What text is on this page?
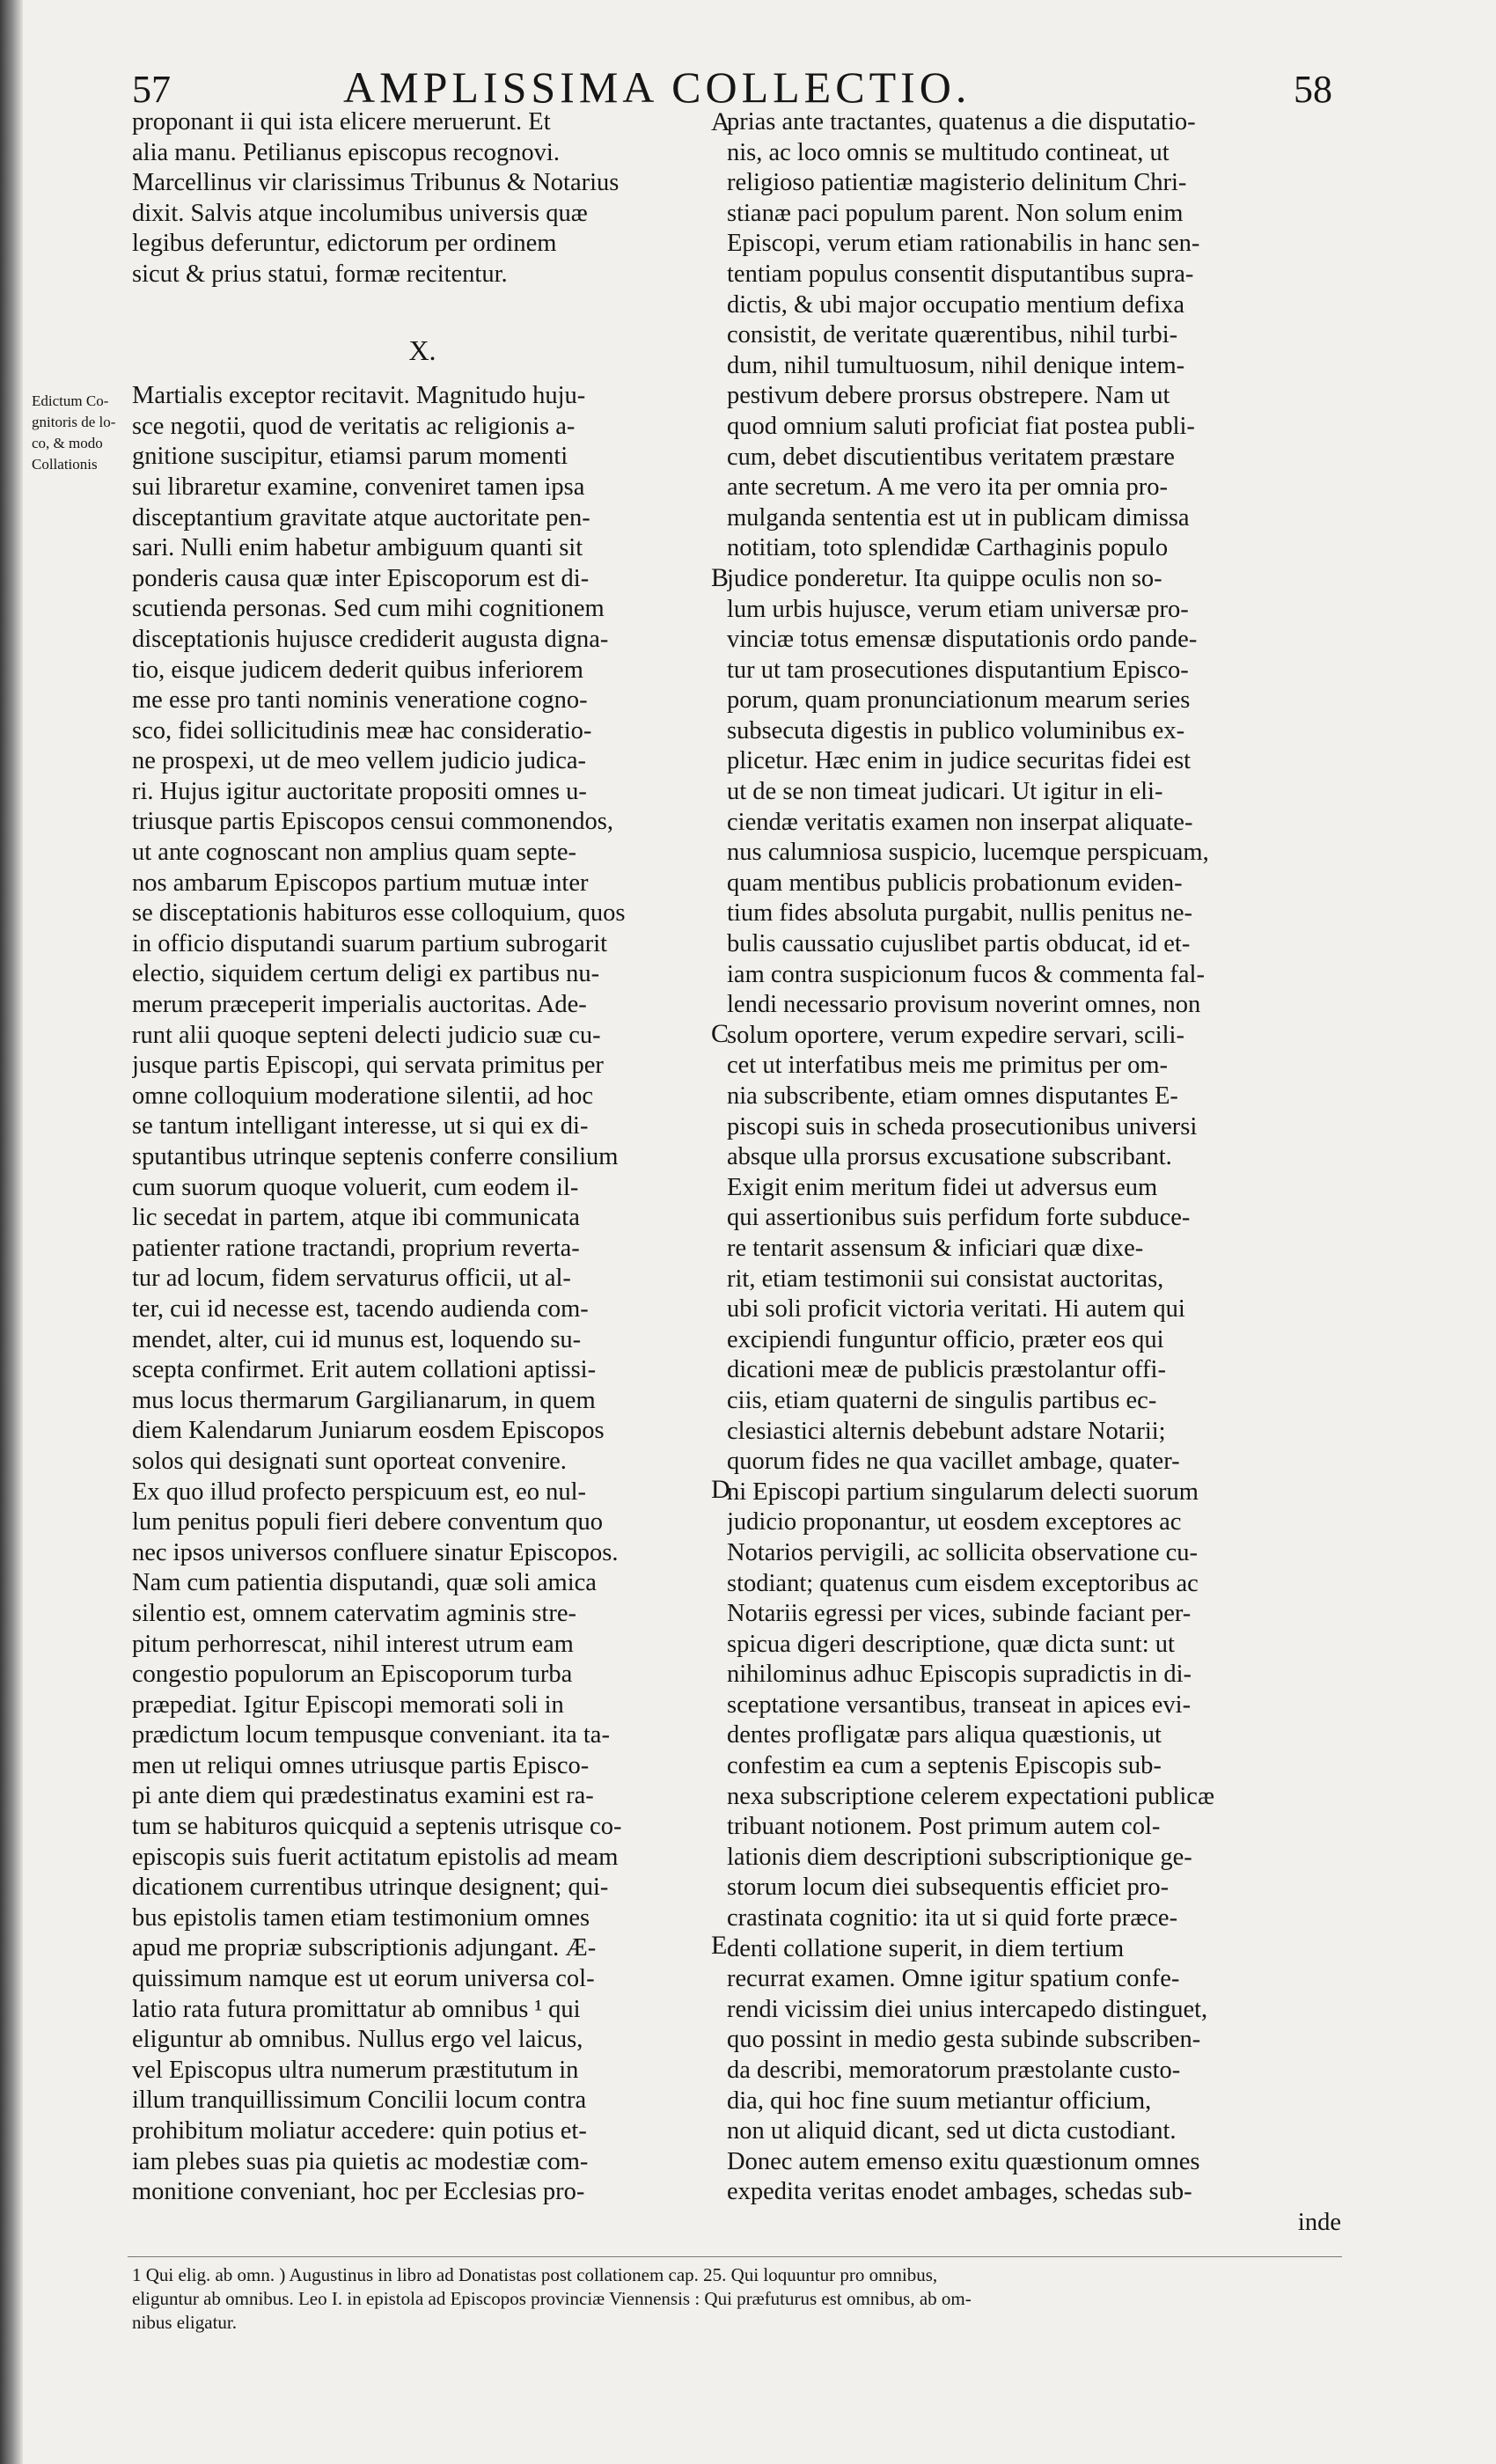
57	AMPLISSIMA COLLECTIO.	58
Edictum Co-
gnitoris de lo-
co, & modo
Collationis
proponant ii qui ista elicere meruerunt. Et
alia manu. Petilianus episcopus recognovi.
Marcellinus vir clarissimus Tribunus & Notarius
dixit. Salvis atque incolumibus universis quæ
legibus deferuntur, edictorum per ordinem
sicut & prius statui, formæ recitentur.
X.
Martialis exceptor recitavit. Magnitudo huju-
sce negotii, quod de veritatis ac religionis a-
gnitione suscipitur, etiamsi parum momenti
sui libraretur examine, conveniret tamen ipsa
disceptantium gravitate atque auctoritate pen-
sari. Nulli enim habetur ambiguum quanti sit
ponderis causa quæ inter Episcoporum est di-
scutienda personas. Sed cum mihi cognitionem
disceptationis hujusce crediderit augusta digna-
tio, eisque judicem dederit quibus inferiorem
me esse pro tanti nominis veneratione cogno-
sco, fidei sollicitudinis meæ hac consideratio-
ne prospexi, ut de meo vellem judicio judica-
ri. Hujus igitur auctoritate propositi omnes u-
triusque partis Episcopos censui commonendos,
ut ante cognoscant non amplius quam septe-
nos ambarum Episcopos partium mutuæ inter
se disceptationis habituros esse colloquium, quos
in officio disputandi suarum partium subrogarit
electio, siquidem certum deligi ex partibus nu-
merum præceperit imperialis auctoritas. Ade-
runt alii quoque septeni delecti judicio suæ cu-
jusque partis Episcopi, qui servata primitus per
omne colloquium moderatione silentii, ad hoc
se tantum intelligant interesse, ut si qui ex di-
sputantibus utrinque septenis conferre consilium
cum suorum quoque voluerit, cum eodem il-
lic secedat in partem, atque ibi communicata
patienter ratione tractandi, proprium reverta-
tur ad locum, fidem servaturus officii, ut al-
ter, cui id necesse est, tacendo audienda com-
mendet, alter, cui id munus est, loquendo su-
scepta confirmet. Erit autem collationi aptissi-
mus locus thermarum Gargilianarum, in quem
diem Kalendarum Juniarum eosdem Episcopos
solos qui designati sunt oporteat convenire.
Ex quo illud profecto perspicuum est, eo nul-
lum penitus populi fieri debere conventum quo
nec ipsos universos confluere sinatur Episcopos.
Nam cum patientia disputandi, quæ soli amica
silentio est, omnem catervatim agminis stre-
pitum perhorrescat, nihil interest utrum eam
congestio populorum an Episcoporum turba
præpediat. Igitur Episcopi memorati soli in
prædictum locum tempusque conveniant. ita ta-
men ut reliqui omnes utriusque partis Episco-
pi ante diem qui prædestinatus examini est ra-
tum se habituros quicquid a septenis utrisque co-
episcopis suis fuerit actitatum epistolis ad meam
dicationem currentibus utrinque designent; qui-
bus epistolis tamen etiam testimonium omnes
apud me propriæ subscriptionis adjungant. Æ-
quissimum namque est ut eorum universa col-
latio rata futura promittatur ab omnibus ¹ qui
eliguntur ab omnibus. Nullus ergo vel laicus,
vel Episcopus ultra numerum præstitutum in
illum tranquillissimum Concilii locum contra
prohibitum moliatur accedere: quin potius et-
iam plebes suas pia quietis ac modestiæ com-
monitione conveniant, hoc per Ecclesias pro-
A
B
C
D
E
prias ante tractantes, quatenus a die disputatio-
nis, ac loco omnis se multitudo contineat, ut
religioso patientiæ magisterio delinitum Chri-
stianæ paci populum parent. Non solum enim
Episcopi, verum etiam rationabilis in hanc sen-
tentiam populus consentit disputantibus supra-
dictis, & ubi major occupatio mentium defixa
consistit, de veritate quærentibus, nihil turbi-
dum, nihil tumultuosum, nihil denique intem-
pestivum debere prorsus obstrepere. Nam ut
quod omnium saluti proficiat fiat postea publi-
cum, debet discutientibus veritatem præstare
ante secretum. A me vero ita per omnia pro-
mulganda sententia est ut in publicam dimissa
notitiam, toto splendidæ Carthaginis populo
judice ponderetur. Ita quippe oculis non so-
lum urbis hujusce, verum etiam universæ pro-
vinciæ totus emensæ disputationis ordo pande-
tur ut tam prosecutiones disputantium Episco-
porum, quam pronunciationum mearum series
subsecuta digestis in publico voluminibus ex-
plicetur. Hæc enim in judice securitas fidei est
ut de se non timeat judicari. Ut igitur in eli-
ciendæ veritatis examen non inserpat aliquate-
nus calumniosa suspicio, lucemque perspicuam,
quam mentibus publicis probationum eviden-
tium fides absoluta purgabit, nullis penitus ne-
bulis caussatio cujuslibet partis obducat, id et-
iam contra suspicionum fucos & commenta fal-
lendi necessario provisum noverint omnes, non
solum oportere, verum expedire servari, scili-
cet ut interfatibus meis me primitus per om-
nia subscribente, etiam omnes disputantes E-
piscopi suis in scheda prosecutionibus universi
absque ulla prorsus excusatione subscribant.
Exigit enim meritum fidei ut adversus eum
qui assertionibus suis perfidum forte subduce-
re tentarit assensum & inficiari quæ dixe-
rit, etiam testimonii sui consistat auctoritas,
ubi soli proficit victoria veritati. Hi autem qui
excipiendi funguntur officio, præter eos qui
dicationi meæ de publicis præstolantur offi-
ciis, etiam quaterni de singulis partibus ec-
clesiastici alternis debebunt adstare Notarii;
quorum fides ne qua vacillet ambage, quater-
ni Episcopi partium singularum delecti suorum
judicio proponantur, ut eosdem exceptores ac
Notarios pervigili, ac sollicita observatione cu-
stodiant; quatenus cum eisdem exceptoribus ac
Notariis egressi per vices, subinde faciant per-
spicua digeri descriptione, quæ dicta sunt: ut
nihilominus adhuc Episcopis supradictis in di-
sceptatione versantibus, transeat in apices evi-
dentes profligatæ pars aliqua quæstionis, ut
confestim ea cum a septenis Episcopis sub-
nexa subscriptione celerem expectationi publicæ
tribuant notionem. Post primum autem col-
lationis diem descriptioni subscriptionique ge-
storum locum diei subsequentis efficiet pro-
crastinata cognitio: ita ut si quid forte præce-
denti collatione superit, in diem tertium
recurrat examen. Omne igitur spatium confe-
rendi vicissim diei unius intercapedo distinguet,
quo possint in medio gesta subinde subscriben-
da describi, memoratorum præstolante custo-
dia, qui hoc fine suum metiantur officium,
non ut aliquid dicant, sed ut dicta custodiant.
Donec autem emenso exitu quæstionum omnes
expedita veritas enodet ambages, schedas sub-
inde
1 Qui elig. ab omn. ) Augustinus in libro ad Donatistas post collationem cap. 25. Qui loquuntur pro omnibus,
eliguntur ab omnibus. Leo I. in epistola ad Episcopos provinciæ Viennensis : Qui præfuturus est omnibus, ab om-
nibus eligatur.
